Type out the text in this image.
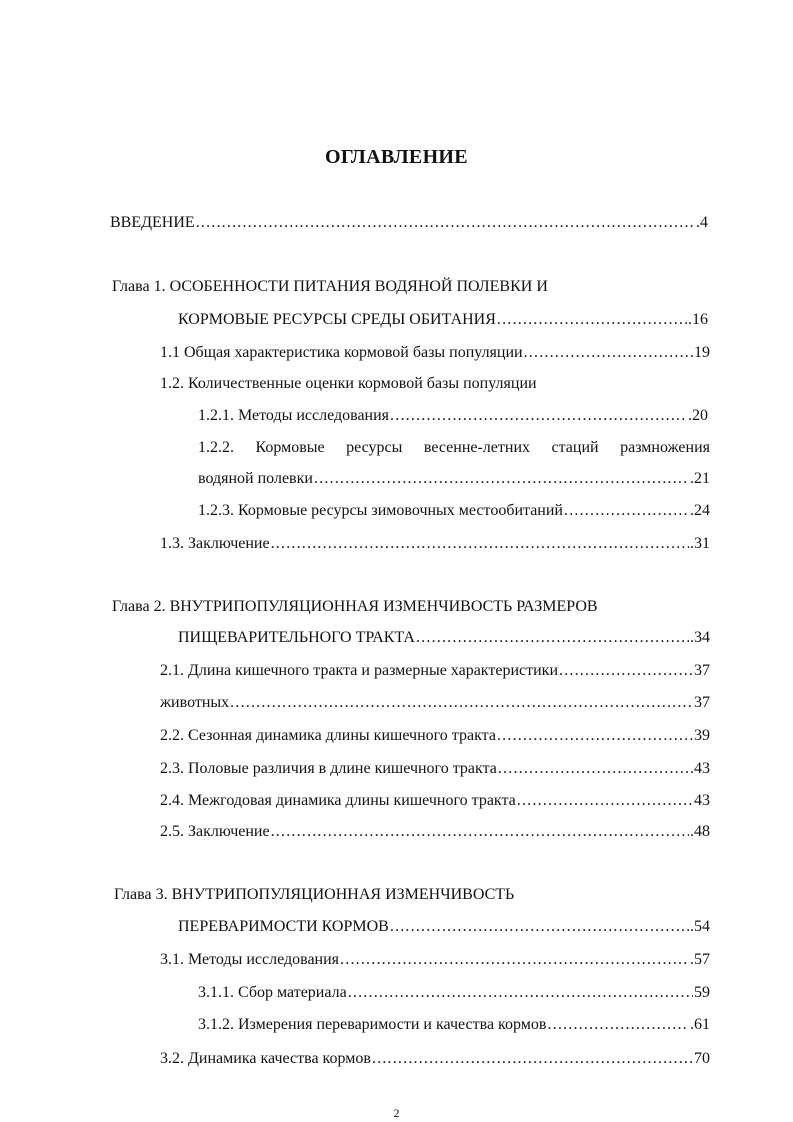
ОГЛАВЛЕНИЕ
ВВЕДЕНИЕ .....	.4
Глава 1. ОСОБЕННОСТИ ПИТАНИЯ ВОДЯНОЙ ПОЛЕВКИ И
КОРМОВЫЕ РЕСУРСЫ СРЕДЫ ОБИТАНИЯ .....	.16
1.1 Общая характеристика кормовой базы популяции .....	19
1.2. Количественные оценки кормовой базы популяции
1.2.1. Методы исследования .....	.20
1.2.2. Кормовые ресурсы весенне-летних стаций размножения
водяной полевки .....	.21
1.2.3. Кормовые ресурсы зимовочных местообитаний .....	.24
1.3. Заключение .....	.31
Глава 2. ВНУТРИПОПУЛЯЦИОННАЯ ИЗМЕНЧИВОСТЬ РАЗМЕРОВ
ПИЩЕВАРИТЕЛЬНОГО ТРАКТА .....	.34
2.1. Длина кишечного тракта и размерные характеристики .....	37
животных .....	37
2.2. Сезонная динамика длины кишечного тракта .....	39
2.3. Половые различия в длине кишечного тракта .....	.43
2.4. Межгодовая динамика длины кишечного тракта .....	43
2.5. Заключение .....	.48
Глава 3. ВНУТРИПОПУЛЯЦИОННАЯ ИЗМЕНЧИВОСТЬ
ПЕРЕВАРИМОСТИ КОРМОВ .....	.54
3.1. Методы исследования .....	.57
3.1.1. Сбор материала .....	59
3.1.2. Измерения переваримости и качества кормов .....	.61
3.2. Динамика качества кормов .....	70
2
